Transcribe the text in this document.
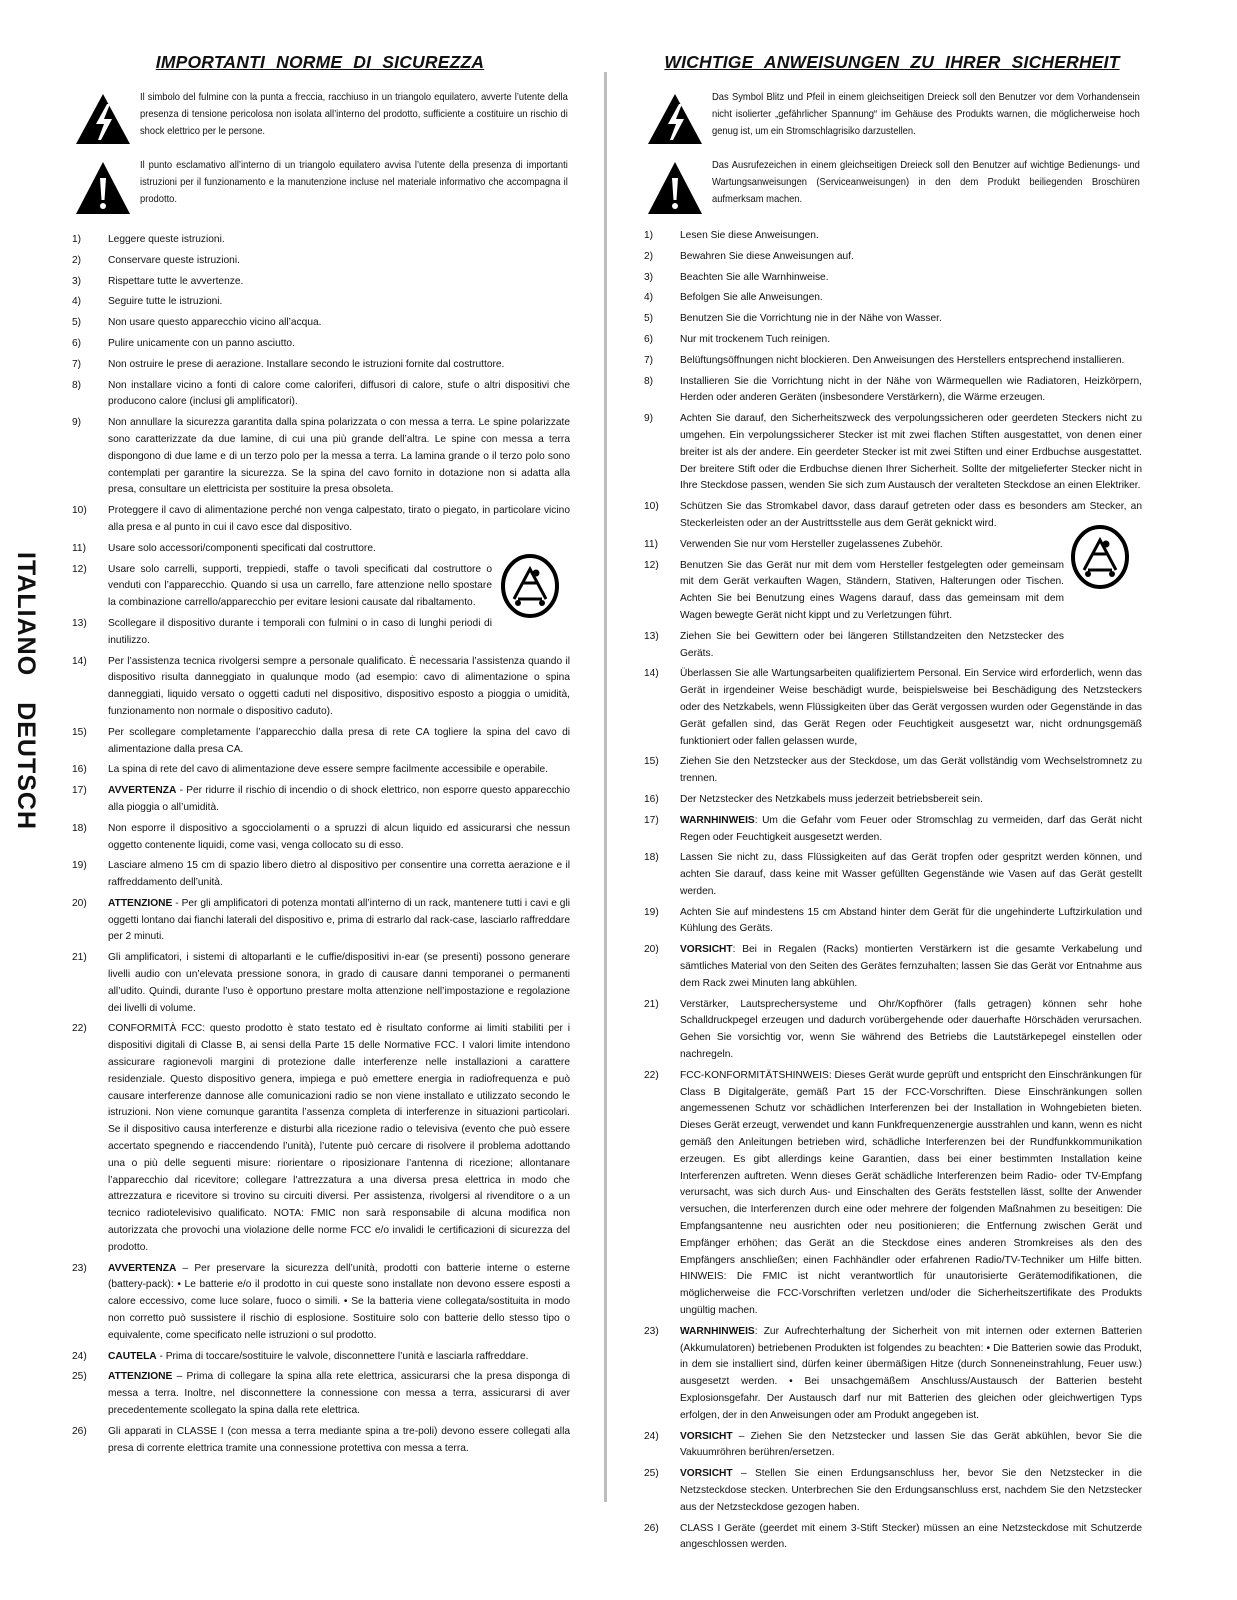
ITALIANODEUTSCH
IMPORTANTI NORME DI SICUREZZA
Il simbolo del fulmine con la punta a freccia, racchiuso in un triangolo equilatero, avverte l’utente della presenza di tensione pericolosa non isolata all’interno del prodotto, sufficiente a costituire un rischio di shock elettrico per le persone.
Il punto esclamativo all’interno di un triangolo equilatero avvisa l’utente della presenza di importanti istruzioni per il funzionamento e la manutenzione incluse nel materiale informativo che accompagna il prodotto.
1)	Leggere queste istruzioni.
2)	Conservare queste istruzioni.
3)	Rispettare tutte le avvertenze.
4)	Seguire tutte le istruzioni.
5)	Non usare questo apparecchio vicino all’acqua.
6)	Pulire unicamente con un panno asciutto.
7)	Non ostruire le prese di aerazione. Installare secondo le istruzioni fornite dal costruttore.
8)	Non installare vicino a fonti di calore come caloriferi, diffusori di calore, stufe o altri dispositivi che producono calore (inclusi gli amplificatori).
9)	Non annullare la sicurezza garantita dalla spina polarizzata o con messa a terra. Le spine polarizzate sono caratterizzate da due lamine, di cui una più grande dell’altra. Le spine con messa a terra dispongono di due lame e di un terzo polo per la messa a terra. La lamina grande o il terzo polo sono contemplati per garantire la sicurezza. Se la spina del cavo fornito in dotazione non si adatta alla presa, consultare un elettricista per sostituire la presa obsoleta.
10) Proteggere il cavo di alimentazione perché non venga calpestato, tirato o piegato, in particolare vicino alla presa e al punto in cui il cavo esce dal dispositivo.
11) Usare solo accessori/componenti specificati dal costruttore.
12) Usare solo carrelli, supporti, treppiedi, staffe o tavoli specificati dal costruttore o venduti con l’apparecchio. Quando si usa un carrello, fare attenzione nello spostare la combinazione carrello/apparecchio per evitare lesioni causate dal ribaltamento.
13) Scollegare il dispositivo durante i temporali con fulmini o in caso di lunghi periodi di inutilizzo.
14) Per l’assistenza tecnica rivolgersi sempre a personale qualificato. È necessaria l’assistenza quando il dispositivo risulta danneggiato in qualunque modo (ad esempio: cavo di alimentazione o spina danneggiati, liquido versato o oggetti caduti nel dispositivo, dispositivo esposto a pioggia o umidità, funzionamento non normale o dispositivo caduto).
15) Per scollegare completamente l’apparecchio dalla presa di rete CA togliere la spina del cavo di alimentazione dalla presa CA.
16) La spina di rete del cavo di alimentazione deve essere sempre facilmente accessibile e operabile.
17) AVVERTENZA - Per ridurre il rischio di incendio o di shock elettrico, non esporre questo apparecchio alla pioggia o all’umidità.
18) Non esporre il dispositivo a sgocciolamenti o a spruzzi di alcun liquido ed assicurarsi che nessun oggetto contenente liquidi, come vasi, venga collocato su di esso.
19) Lasciare almeno 15 cm di spazio libero dietro al dispositivo per consentire una corretta aerazione e il raffreddamento dell’unità.
20) ATTENZIONE - Per gli amplificatori di potenza montati all’interno di un rack, mantenere tutti i cavi e gli oggetti lontano dai fianchi laterali del dispositivo e, prima di estrarlo dal rack-case, lasciarlo raffreddare per 2 minuti.
21) Gli amplificatori, i sistemi di altoparlanti e le cuffie/dispositivi in-ear (se presenti) possono generare livelli audio con un’elevata pressione sonora, in grado di causare danni temporanei o permanenti all’udito. Quindi, durante l’uso è opportuno prestare molta attenzione nell’impostazione e regolazione dei livelli di volume.
22) CONFORMITÀ FCC: questo prodotto è stato testato ed è risultato conforme ai limiti stabiliti per i dispositivi digitali di Classe B, ai sensi della Parte 15 delle Normative FCC. I valori limite intendono assicurare ragionevoli margini di protezione dalle interferenze nelle installazioni a carattere residenziale. Questo dispositivo genera, impiega e può emettere energia in radiofrequenza e può causare interferenze dannose alle comunicazioni radio se non viene installato e utilizzato secondo le istruzioni. Non viene comunque garantita l’assenza completa di interferenze in situazioni particolari. Se il dispositivo causa interferenze e disturbi alla ricezione radio o televisiva (evento che può essere accertato spegnendo e riaccendendo l’unità), l’utente può cercare di risolvere il problema adottando una o più delle seguenti misure: riorientare o riposizionare l’antenna di ricezione; allontanare l’apparecchio dal ricevitore; collegare l’attrezzatura a una diversa presa elettrica in modo che attrezzatura e ricevitore si trovino su circuiti diversi. Per assistenza, rivolgersi al rivenditore o a un tecnico radiotelevisivo qualificato. NOTA: FMIC non sarà responsabile di alcuna modifica non autorizzata che provochi una violazione delle norme FCC e/o invalidi le certificazioni di sicurezza del prodotto.
23) AVVERTENZA – Per preservare la sicurezza dell’unità, prodotti con batterie interne o esterne (battery-pack): • Le batterie e/o il prodotto in cui queste sono installate non devono essere esposti a calore eccessivo, come luce solare, fuoco o simili. • Se la batteria viene collegata/sostituita in modo non corretto può sussistere il rischio di esplosione. Sostituire solo con batterie dello stesso tipo o equivalente, come specificato nelle istruzioni o sul prodotto.
24) CAUTELA - Prima di toccare/sostituire le valvole, disconnettere l’unità e lasciarla raffreddare.
25) ATTENZIONE – Prima di collegare la spina alla rete elettrica, assicurarsi che la presa disponga di messa a terra. Inoltre, nel disconnettere la connessione con messa a terra, assicurarsi di aver precedentemente scollegato la spina dalla rete elettrica.
26) Gli apparati in CLASSE I (con messa a terra mediante spina a tre-poli) devono essere collegati alla presa di corrente elettrica tramite una connessione protettiva con messa a terra.
WICHTIGE ANWEISUNGEN ZU IHRER SICHERHEIT
Das Symbol Blitz und Pfeil in einem gleichseitigen Dreieck soll den Benutzer vor dem Vorhandensein nicht isolierter „gefährlicher Spannung“ im Gehäuse des Produkts warnen, die möglicherweise hoch genug ist, um ein Stromschlagrisiko darzustellen.
Das Ausrufezeichen in einem gleichseitigen Dreieck soll den Benutzer auf wichtige Bedienungs- und Wartungsanweisungen (Serviceanweisungen) in den dem Produkt beiliegenden Broschüren aufmerksam machen.
1)	Lesen Sie diese Anweisungen.
2)	Bewahren Sie diese Anweisungen auf.
3)	Beachten Sie alle Warnhinweise.
4)	Befolgen Sie alle Anweisungen.
5)	Benutzen Sie die Vorrichtung nie in der Nähe von Wasser.
6)	Nur mit trockenem Tuch reinigen.
7)	Belüftungsöffnungen nicht blockieren. Den Anweisungen des Herstellers entsprechend installieren.
8)	Installieren Sie die Vorrichtung nicht in der Nähe von Wärmequellen wie Radiatoren, Heizkörpern, Herden oder anderen Geräten (insbesondere Verstärkern), die Wärme erzeugen.
9)	Achten Sie darauf, den Sicherheitszweck des verpolungssicheren oder geerdeten Steckers nicht zu umgehen. Ein verpolungssicherer Stecker ist mit zwei flachen Stiften ausgestattet, von denen einer breiter ist als der andere. Ein geerdeter Stecker ist mit zwei Stiften und einer Erdbuchse ausgestattet. Der breitere Stift oder die Erdbuchse dienen Ihrer Sicherheit. Sollte der mitgelieferter Stecker nicht in Ihre Steckdose passen, wenden Sie sich zum Austausch der veralteten Steckdose an einen Elektriker.
10) Schützen Sie das Stromkabel davor, dass darauf getreten oder dass es besonders am Stecker, an Steckerleisten oder an der Austrittsstelle aus dem Gerät geknickt wird.
11) Verwenden Sie nur vom Hersteller zugelassenes Zubehör.
12) Benutzen Sie das Gerät nur mit dem vom Hersteller festgelegten oder gemeinsam mit dem Gerät verkauften Wagen, Ständern, Stativen, Halterungen oder Tischen. Achten Sie bei Benutzung eines Wagens darauf, dass das gemeinsam mit dem Wagen bewegte Gerät nicht kippt und zu Verletzungen führt.
13) Ziehen Sie bei Gewittern oder bei längeren Stillstandzeiten den Netzstecker des Geräts.
14) Überlassen Sie alle Wartungsarbeiten qualifiziertem Personal. Ein Service wird erforderlich, wenn das Gerät in irgendeiner Weise beschädigt wurde, beispielsweise bei Beschädigung des Netzsteckers oder des Netzkabels, wenn Flüssigkeiten über das Gerät vergossen wurden oder Gegenstände in das Gerät gefallen sind, das Gerät Regen oder Feuchtigkeit ausgesetzt war, nicht ordnungsgemäß funktioniert oder fallen gelassen wurde,
15) Ziehen Sie den Netzstecker aus der Steckdose, um das Gerät vollständig vom Wechselstromnetz zu trennen.
16) Der Netzstecker des Netzkabels muss jederzeit betriebsbereit sein.
17) WARNHINWEIS: Um die Gefahr vom Feuer oder Stromschlag zu vermeiden, darf das Gerät nicht Regen oder Feuchtigkeit ausgesetzt werden.
18) Lassen Sie nicht zu, dass Flüssigkeiten auf das Gerät tropfen oder gespritzt werden können, und achten Sie darauf, dass keine mit Wasser gefüllten Gegenstände wie Vasen auf das Gerät gestellt werden.
19) Achten Sie auf mindestens 15 cm Abstand hinter dem Gerät für die ungehinderte Luftzirkulation und Kühlung des Geräts.
20) VORSICHT: Bei in Regalen (Racks) montierten Verstärkern ist die gesamte Verkabelung und sämtliches Material von den Seiten des Gerätes fernzuhalten; lassen Sie das Gerät vor Entnahme aus dem Rack zwei Minuten lang abkühlen.
21) Verstärker, Lautsprechersysteme und Ohr/Kopfhörer (falls getragen) können sehr hohe Schalldruckpegel erzeugen und dadurch vorübergehende oder dauerhafte Hörschäden verursachen. Gehen Sie vorsichtig vor, wenn Sie während des Betriebs die Lautstärkepegel einstellen oder nachregeln.
22) FCC-KONFORMITÄTSHINWEIS: Dieses Gerät wurde geprüft und entspricht den Einschränkungen für Class B Digitalgeräte, gemäß Part 15 der FCC-Vorschriften. Diese Einschränkungen sollen angemessenen Schutz vor schädlichen Interferenzen bei der Installation in Wohngebieten bieten. Dieses Gerät erzeugt, verwendet und kann Funkfrequenzenergie ausstrahlen und kann, wenn es nicht gemäß den Anleitungen betrieben wird, schädliche Interferenzen bei der Rundfunkkommunikation erzeugen. Es gibt allerdings keine Garantien, dass bei einer bestimmten Installation keine Interferenzen auftreten. Wenn dieses Gerät schädliche Interferenzen beim Radio- oder TV-Empfang verursacht, was sich durch Aus- und Einschalten des Geräts feststellen lässt, sollte der Anwender versuchen, die Interferenzen durch eine oder mehrere der folgenden Maßnahmen zu beseitigen: Die Empfangsantenne neu ausrichten oder neu positionieren; die Entfernung zwischen Gerät und Empfänger erhöhen; das Gerät an die Steckdose eines anderen Stromkreises als den des Empfängers anschließen; einen Fachhändler oder erfahrenen Radio/TV-Techniker um Hilfe bitten. HINWEIS: Die FMIC ist nicht verantwortlich für unautorisierte Gerätemodifikationen, die möglicherweise die FCC-Vorschriften verletzen und/oder die Sicherheitszertifikate des Produkts ungültig machen.
23) WARNHINWEIS: Zur Aufrechterhaltung der Sicherheit von mit internen oder externen Batterien (Akkumulatoren) betriebenen Produkten ist folgendes zu beachten: • Die Batterien sowie das Produkt, in dem sie installiert sind, dürfen keiner übermäßigen Hitze (durch Sonneneinstrahlung, Feuer usw.) ausgesetzt werden. • Bei unsachgemäßem Anschluss/Austausch der Batterien besteht Explosionsgefahr. Der Austausch darf nur mit Batterien des gleichen oder gleichwertigen Typs erfolgen, der in den Anweisungen oder am Produkt angegeben ist.
24) VORSICHT – Ziehen Sie den Netzstecker und lassen Sie das Gerät abkühlen, bevor Sie die Vakuumröhren berühren/ersetzen.
25) VORSICHT – Stellen Sie einen Erdungsanschluss her, bevor Sie den Netzstecker in die Netzsteckdose stecken. Unterbrechen Sie den Erdungsanschluss erst, nachdem Sie den Netzstecker aus der Netzsteckdose gezogen haben.
26) CLASS I Geräte (geerdet mit einem 3-Stift Stecker) müssen an eine Netzsteckdose mit Schutzerde angeschlossen werden.
